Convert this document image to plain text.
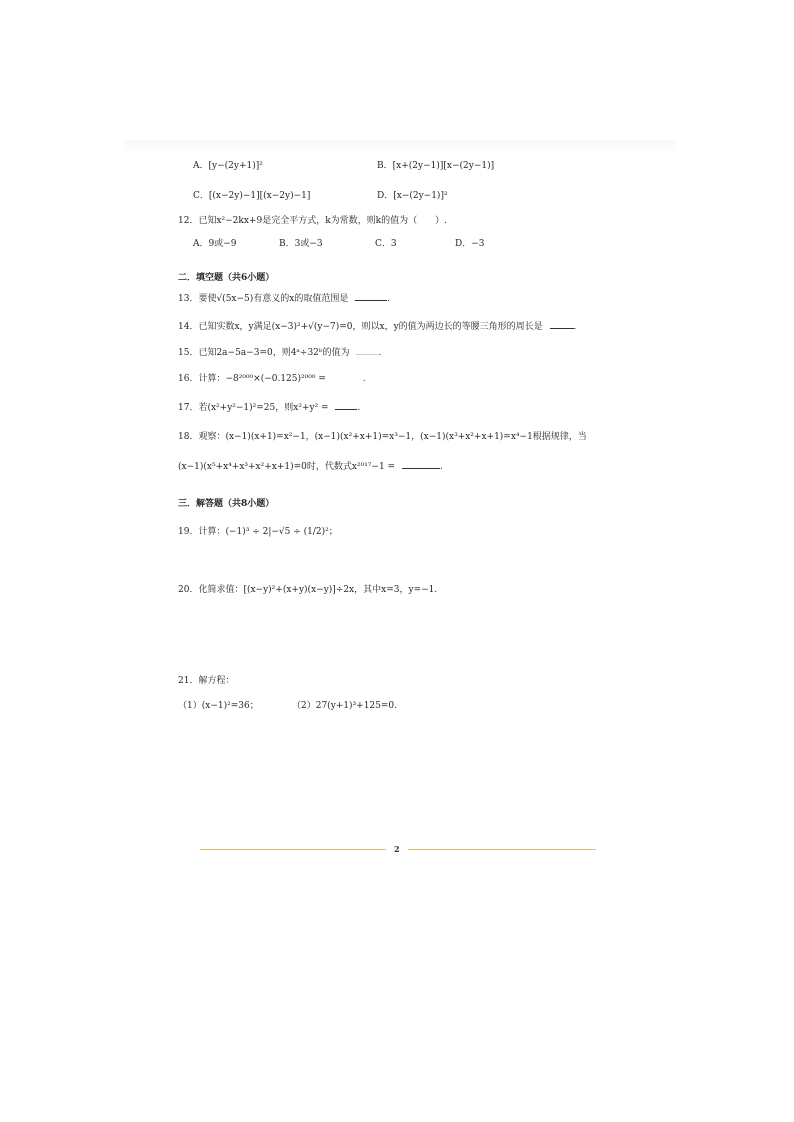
A．[y−(2y+1)]²	B．[x+(2y−1)][x−(2y−1)]
C．[(x−2y)−1][(x−2y)−1]	D．[x−(2y−1)]²
12．已知x²−2kx+9是完全平方式，k为常数，则k的值为（　　）.
A．9或−9	B．3或−3	C．3	D．−3
二．填空题（共6小题）
13．要使√(5x−5)有意义的x的取值范围是	.
14．已知实数x，y满足(x−3)²+√(y−7)=0，则以x，y的值为两边长的等腰三角形的周长是	.
15．已知2a−5a−3=0，则4ᵃ÷32ᵇ的值为	.
16．计算：−8²⁰⁰⁰×(−0.125)²⁰⁰⁰ =	.
17．若(x²+y²−1)²=25，则x²+y² =	.
18．观察：(x−1)(x+1)=x²−1，(x−1)(x²+x+1)=x³−1，(x−1)(x³+x²+x+1)=x⁴−1根据规律，当
(x−1)(x⁵+x⁴+x³+x²+x+1)=0时，代数式x²⁰¹⁷−1 =	.
三．解答题（共8小题）
19．计算：(−1)³ ÷ 2|−√5 ÷ (1/2)²；
20．化简求值：[(x−y)²+(x+y)(x−y)]÷2x，其中x=3，y=−1.
21．解方程：
（1）(x−1)²=36；	（2）27(y+1)³+125=0.
2
